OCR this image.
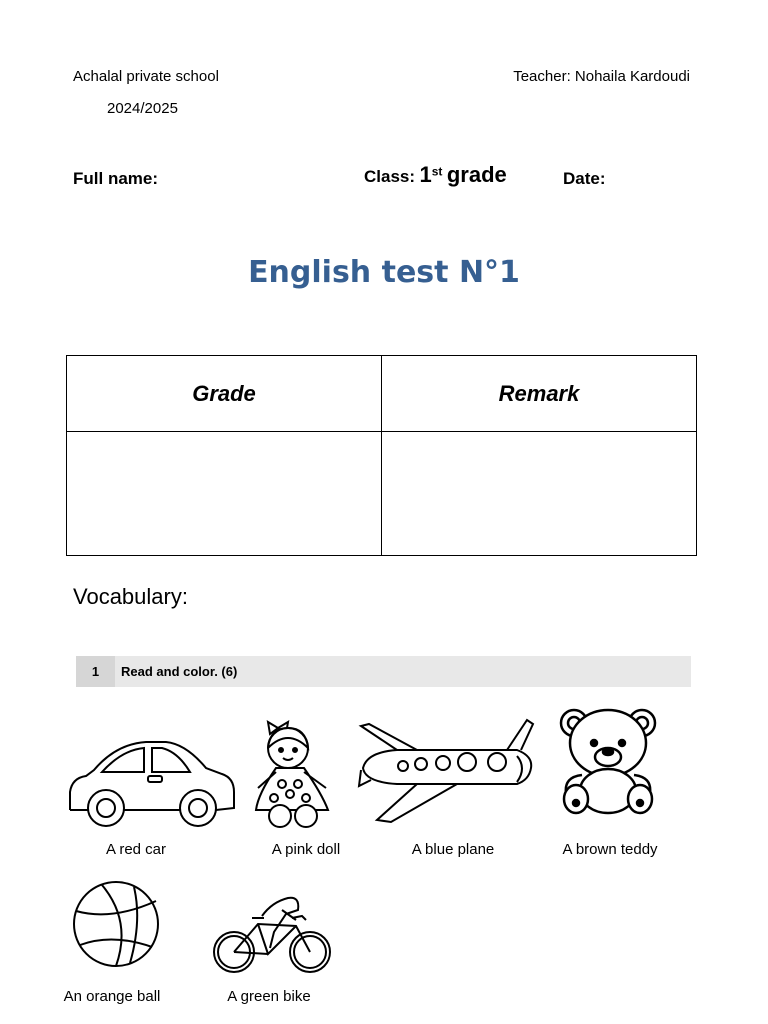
Achalal private school	Teacher: Nohaila Kardoudi
2024/2025
Full name:	Class: 1st grade	Date:
English test N°1
Grade	Remark

Vocabulary:
1	Read and color. (6)
A red car	A pink doll	A blue plane	A brown teddy
An orange ball	A green bike
